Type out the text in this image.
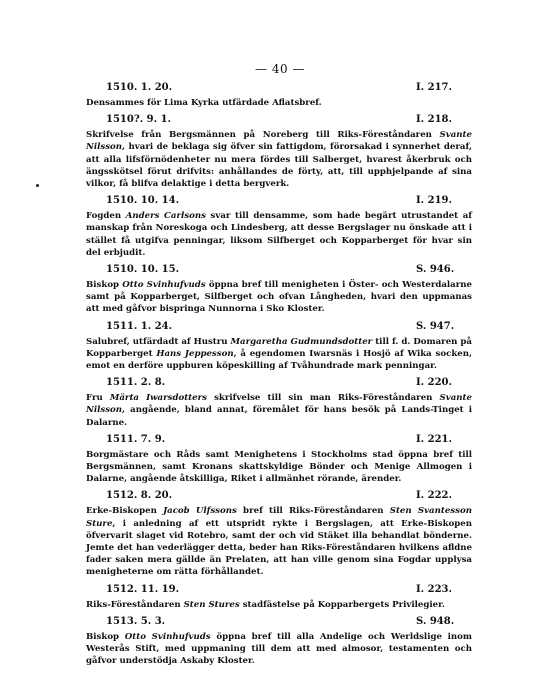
— 40 —
1510. 1. 20.	I. 217.
Densammes för Lima Kyrka utfärdade Aflatsbref.
1510?. 9. 1.	I. 218.
Skrifvelse från Bergsmännen på Noreberg till Riks-Föreståndaren Svante Nilsson, hvari de beklaga sig öfver sin fattigdom, förorsakad i synnerhet deraf, att alla lifsförnödenheter nu mera fördes till Salberget, hvarest åkerbruk och ängsskötsel förut drifvits: anhållandes de förty, att, till upphjelpande af sina vilkor, få blifva delaktige i detta bergverk.
1510. 10. 14.	I. 219.
Fogden Anders Carlsons svar till densamme, som hade begärt utrustandet af manskap från Noreskoga och Lindesberg, att desse Bergslager nu önskade att i stället få utgifva penningar, liksom Silfberget och Kopparberget för hvar sin del erbjudit.
1510. 10. 15.	S. 946.
Biskop Otto Svinhufvuds öppna bref till menigheten i Öster- och Westerdalarne samt på Kopparberget, Silfberget och ofvan Långheden, hvari den uppmanas att med gåfvor bispringa Nunnorna i Sko Kloster.
1511. 1. 24.	S. 947.
Salubref, utfärdadt af Hustru Margaretha Gudmundsdotter till f. d. Domaren på Kopparberget Hans Jeppesson, å egendomen Iwarsnäs i Hosjö af Wika socken, emot en derföre uppburen köpeskilling af Tvåhundrade mark penningar.
1511. 2. 8.	I. 220.
Fru Märta Iwarsdotters skrifvelse till sin man Riks-Föreståndaren Svante Nilsson, angående, bland annat, föremålet för hans besök på Lands-Tinget i Dalarne.
1511. 7. 9.	I. 221.
Borgmästare och Råds samt Menighetens i Stockholms stad öppna bref till Bergsmännen, samt Kronans skattskyldige Bönder och Menige Allmogen i Dalarne, angående åtskilliga, Riket i allmänhet rörande, ärender.
1512. 8. 20.	I. 222.
Erke-Biskopen Jacob Ulfssons bref till Riks-Föreståndaren Sten Svantesson Sture, i anledning af ett utspridt rykte i Bergslagen, att Erke-Biskopen öfvervarit slaget vid Rotebro, samt der och vid Stäket illa behandlat bönderne. Jemte det han vederlägger detta, beder han Riks-Föreståndaren hvilkens afldne fader saken mera gällde än Prelaten, att han ville genom sina Fogdar upplysa menigheterne om rätta förhållandet.
1512. 11. 19.	I. 223.
Riks-Föreståndaren Sten Stures stadfästelse på Kopparbergets Privilegier.
1513. 5. 3.	S. 948.
Biskop Otto Svinhufvuds öppna bref till alla Andelige och Werldslige inom Westerås Stift, med uppmaning till dem att med almosor, testamenten och gåfvor understödja Askaby Kloster.
